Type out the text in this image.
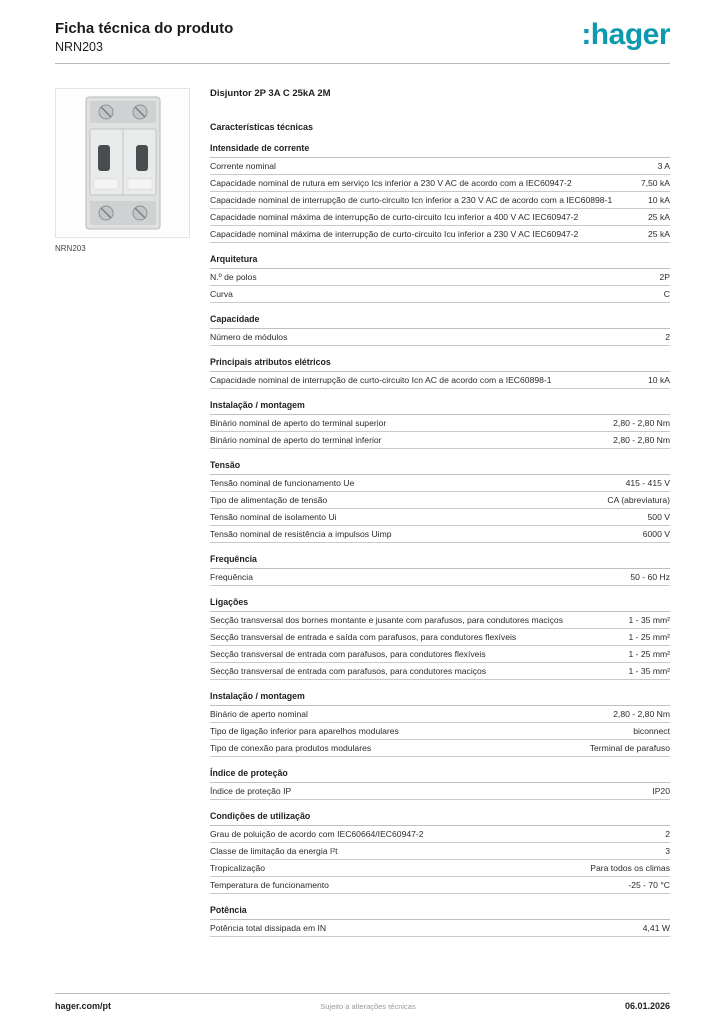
Ficha técnica do produto
NRN203	:hager
NRN203
Disjuntor 2P 3A C 25kA 2M
Características técnicas
Intensidade de corrente
Corrente nominal	3 A
Capacidade nominal de rutura em serviço Ics inferior a 230 V AC de acordo com a IEC60947-2	7,50 kA
Capacidade nominal de interrupção de curto-circuito Icn inferior a 230 V AC de acordo com a IEC60898-1	10 kA
Capacidade nominal máxima de interrupção de curto-circuito Icu inferior a 400 V AC IEC60947-2	25 kA
Capacidade nominal máxima de interrupção de curto-circuito Icu inferior a 230 V AC IEC60947-2	25 kA
Arquitetura
N.º de polos	2P
Curva	C
Capacidade
Número de módulos	2
Principais atributos elétricos
Capacidade nominal de interrupção de curto-circuito Icn AC de acordo com a IEC60898-1	10 kA
Instalação / montagem
Binário nominal de aperto do terminal superior	2,80 - 2,80 Nm
Binário nominal de aperto do terminal inferior	2,80 - 2,80 Nm
Tensão
Tensão nominal de funcionamento Ue	415 - 415 V
Tipo de alimentação de tensão	CA (abreviatura)
Tensão nominal de isolamento Ui	500 V
Tensão nominal de resistência a impulsos Uimp	6000 V
Frequência
Frequência	50 - 60 Hz
Ligações
Secção transversal dos bornes montante e jusante com parafusos, para condutores maciços	1 - 35 mm²
Secção transversal de entrada e saída com parafusos, para condutores flexíveis	1 - 25 mm²
Secção transversal de entrada com parafusos, para condutores flexíveis	1 - 25 mm²
Secção transversal de entrada com parafusos, para condutores maciços	1 - 35 mm²
Instalação / montagem
Binário de aperto nominal	2,80 - 2,80 Nm
Tipo de ligação inferior para aparelhos modulares	biconnect
Tipo de conexão para produtos modulares	Terminal de parafuso
Índice de proteção
Índice de proteção IP	IP20
Condições de utilização
Grau de poluição de acordo com IEC60664/IEC60947-2	2
Classe de limitação da energia I²t	3
Tropicalização	Para todos os climas
Temperatura de funcionamento	-25 - 70 °C
Potência
Potência total dissipada em IN	4,41 W
hager.com/pt	Sujeito a alterações técnicas	06.01.2026
